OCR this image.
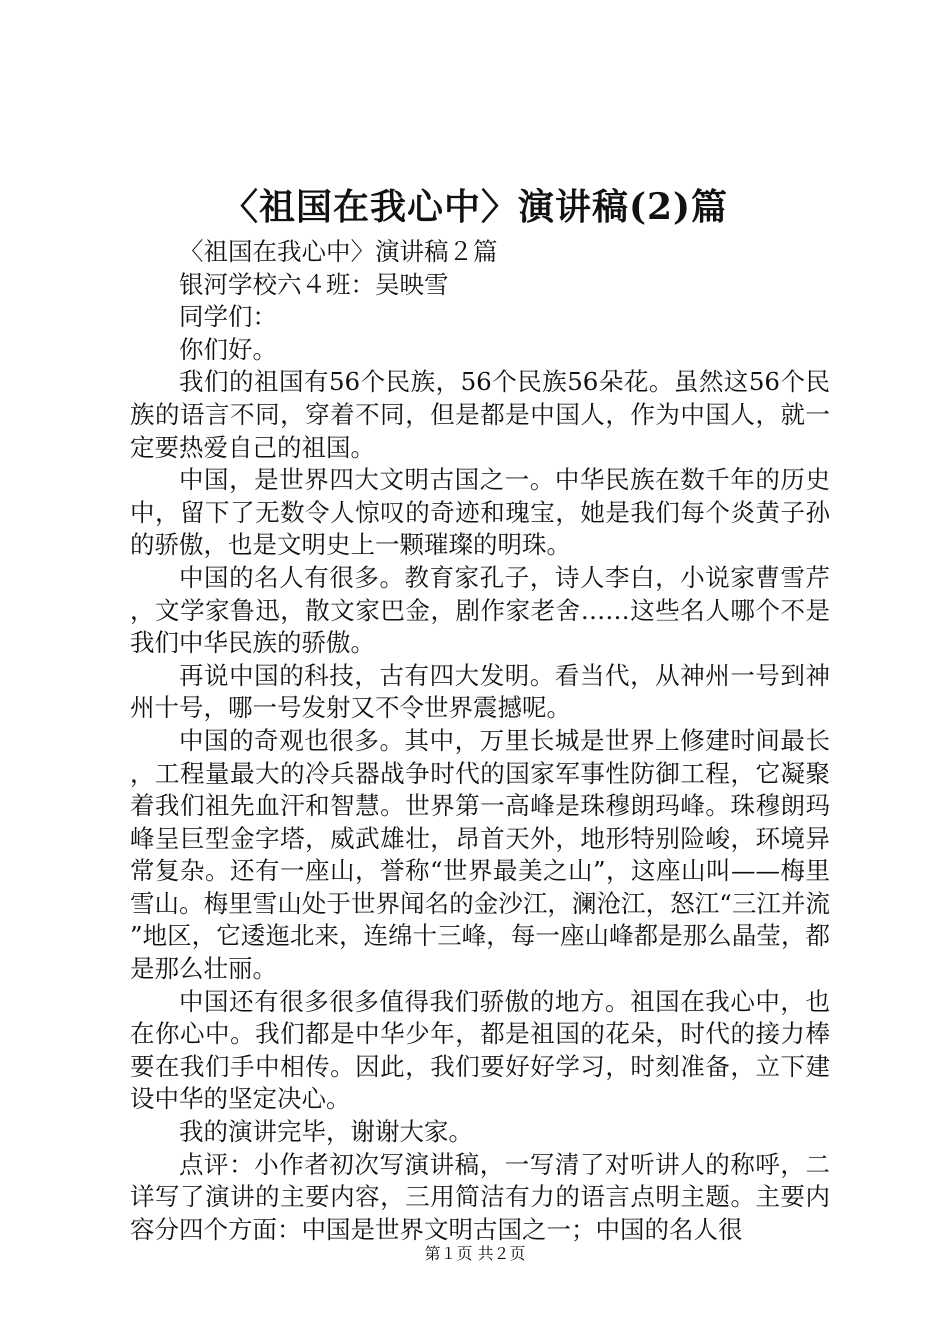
〈祖国在我心中〉演讲稿(2)篇

〈祖国在我心中〉演讲稿２篇

银河学校六４班：吴映雪

同学们：

你们好。

我们的祖国有56个民族，56个民族56朵花。虽然这56个民族的语言不同，穿着不同，但是都是中国人，作为中国人，就一定要热爱自己的祖国。

中国，是世界四大文明古国之一。中华民族在数千年的历史中，留下了无数令人惊叹的奇迹和瑰宝，她是我们每个炎黄子孙的骄傲，也是文明史上一颗璀璨的明珠。

中国的名人有很多。教育家孔子，诗人李白，小说家曹雪芹，文学家鲁迅，散文家巴金，剧作家老舍……这些名人哪个不是我们中华民族的骄傲。

再说中国的科技，古有四大发明。看当代，从神州一号到神州十号，哪一号发射又不令世界震撼呢。

中国的奇观也很多。其中，万里长城是世界上修建时间最长，工程量最大的冷兵器战争时代的国家军事性防御工程，它凝聚着我们祖先血汗和智慧。世界第一高峰是珠穆朗玛峰。珠穆朗玛峰呈巨型金字塔，威武雄壮，昂首天外，地形特别险峻，环境异常复杂。还有一座山，誉称“世界最美之山”，这座山叫——梅里雪山。梅里雪山处于世界闻名的金沙江，澜沧江，怒江“三江并流”地区，它逶迤北来，连绵十三峰，每一座山峰都是那么晶莹，都是那么壮丽。

中国还有很多很多值得我们骄傲的地方。祖国在我心中，也在你心中。我们都是中华少年，都是祖国的花朵，时代的接力棒要在我们手中相传。因此，我们要好好学习，时刻准备，立下建设中华的坚定决心。

我的演讲完毕，谢谢大家。

点评：小作者初次写演讲稿，一写清了对听讲人的称呼，二详写了演讲的主要内容，三用简洁有力的语言点明主题。主要内容分四个方面：中国是世界文明古国之一；中国的名人很

第１页 共２页
